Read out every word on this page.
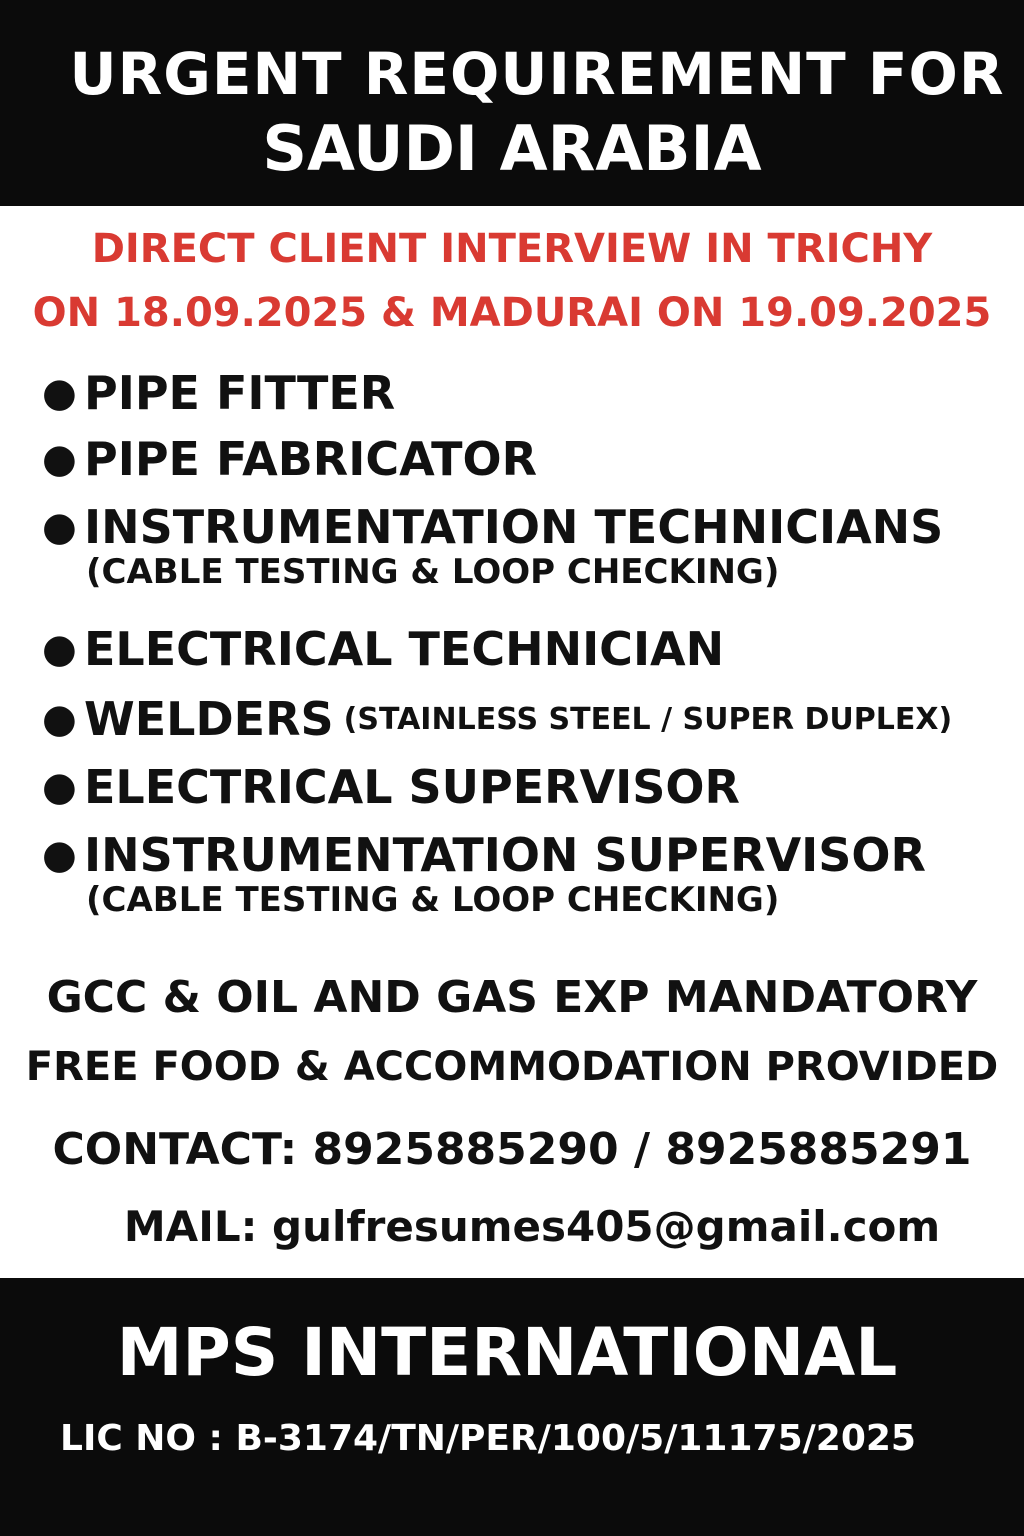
URGENT REQUIREMENT FOR
SAUDI ARABIA
DIRECT CLIENT INTERVIEW IN TRICHY
ON 18.09.2025 & MADURAI ON 19.09.2025
● PIPE FITTER
● PIPE FABRICATOR
● INSTRUMENTATION TECHNICIANS
(CABLE TESTING & LOOP CHECKING)
● ELECTRICAL TECHNICIAN
● WELDERS (STAINLESS STEEL / SUPER DUPLEX)
● ELECTRICAL SUPERVISOR
● INSTRUMENTATION SUPERVISOR
(CABLE TESTING & LOOP CHECKING)
GCC & OIL AND GAS EXP MANDATORY
FREE FOOD & ACCOMMODATION PROVIDED
CONTACT: 8925885290 / 8925885291
MAIL: gulfresumes405@gmail.com
MPS INTERNATIONAL
LIC NO : B-3174/TN/PER/100/5/11175/2025
